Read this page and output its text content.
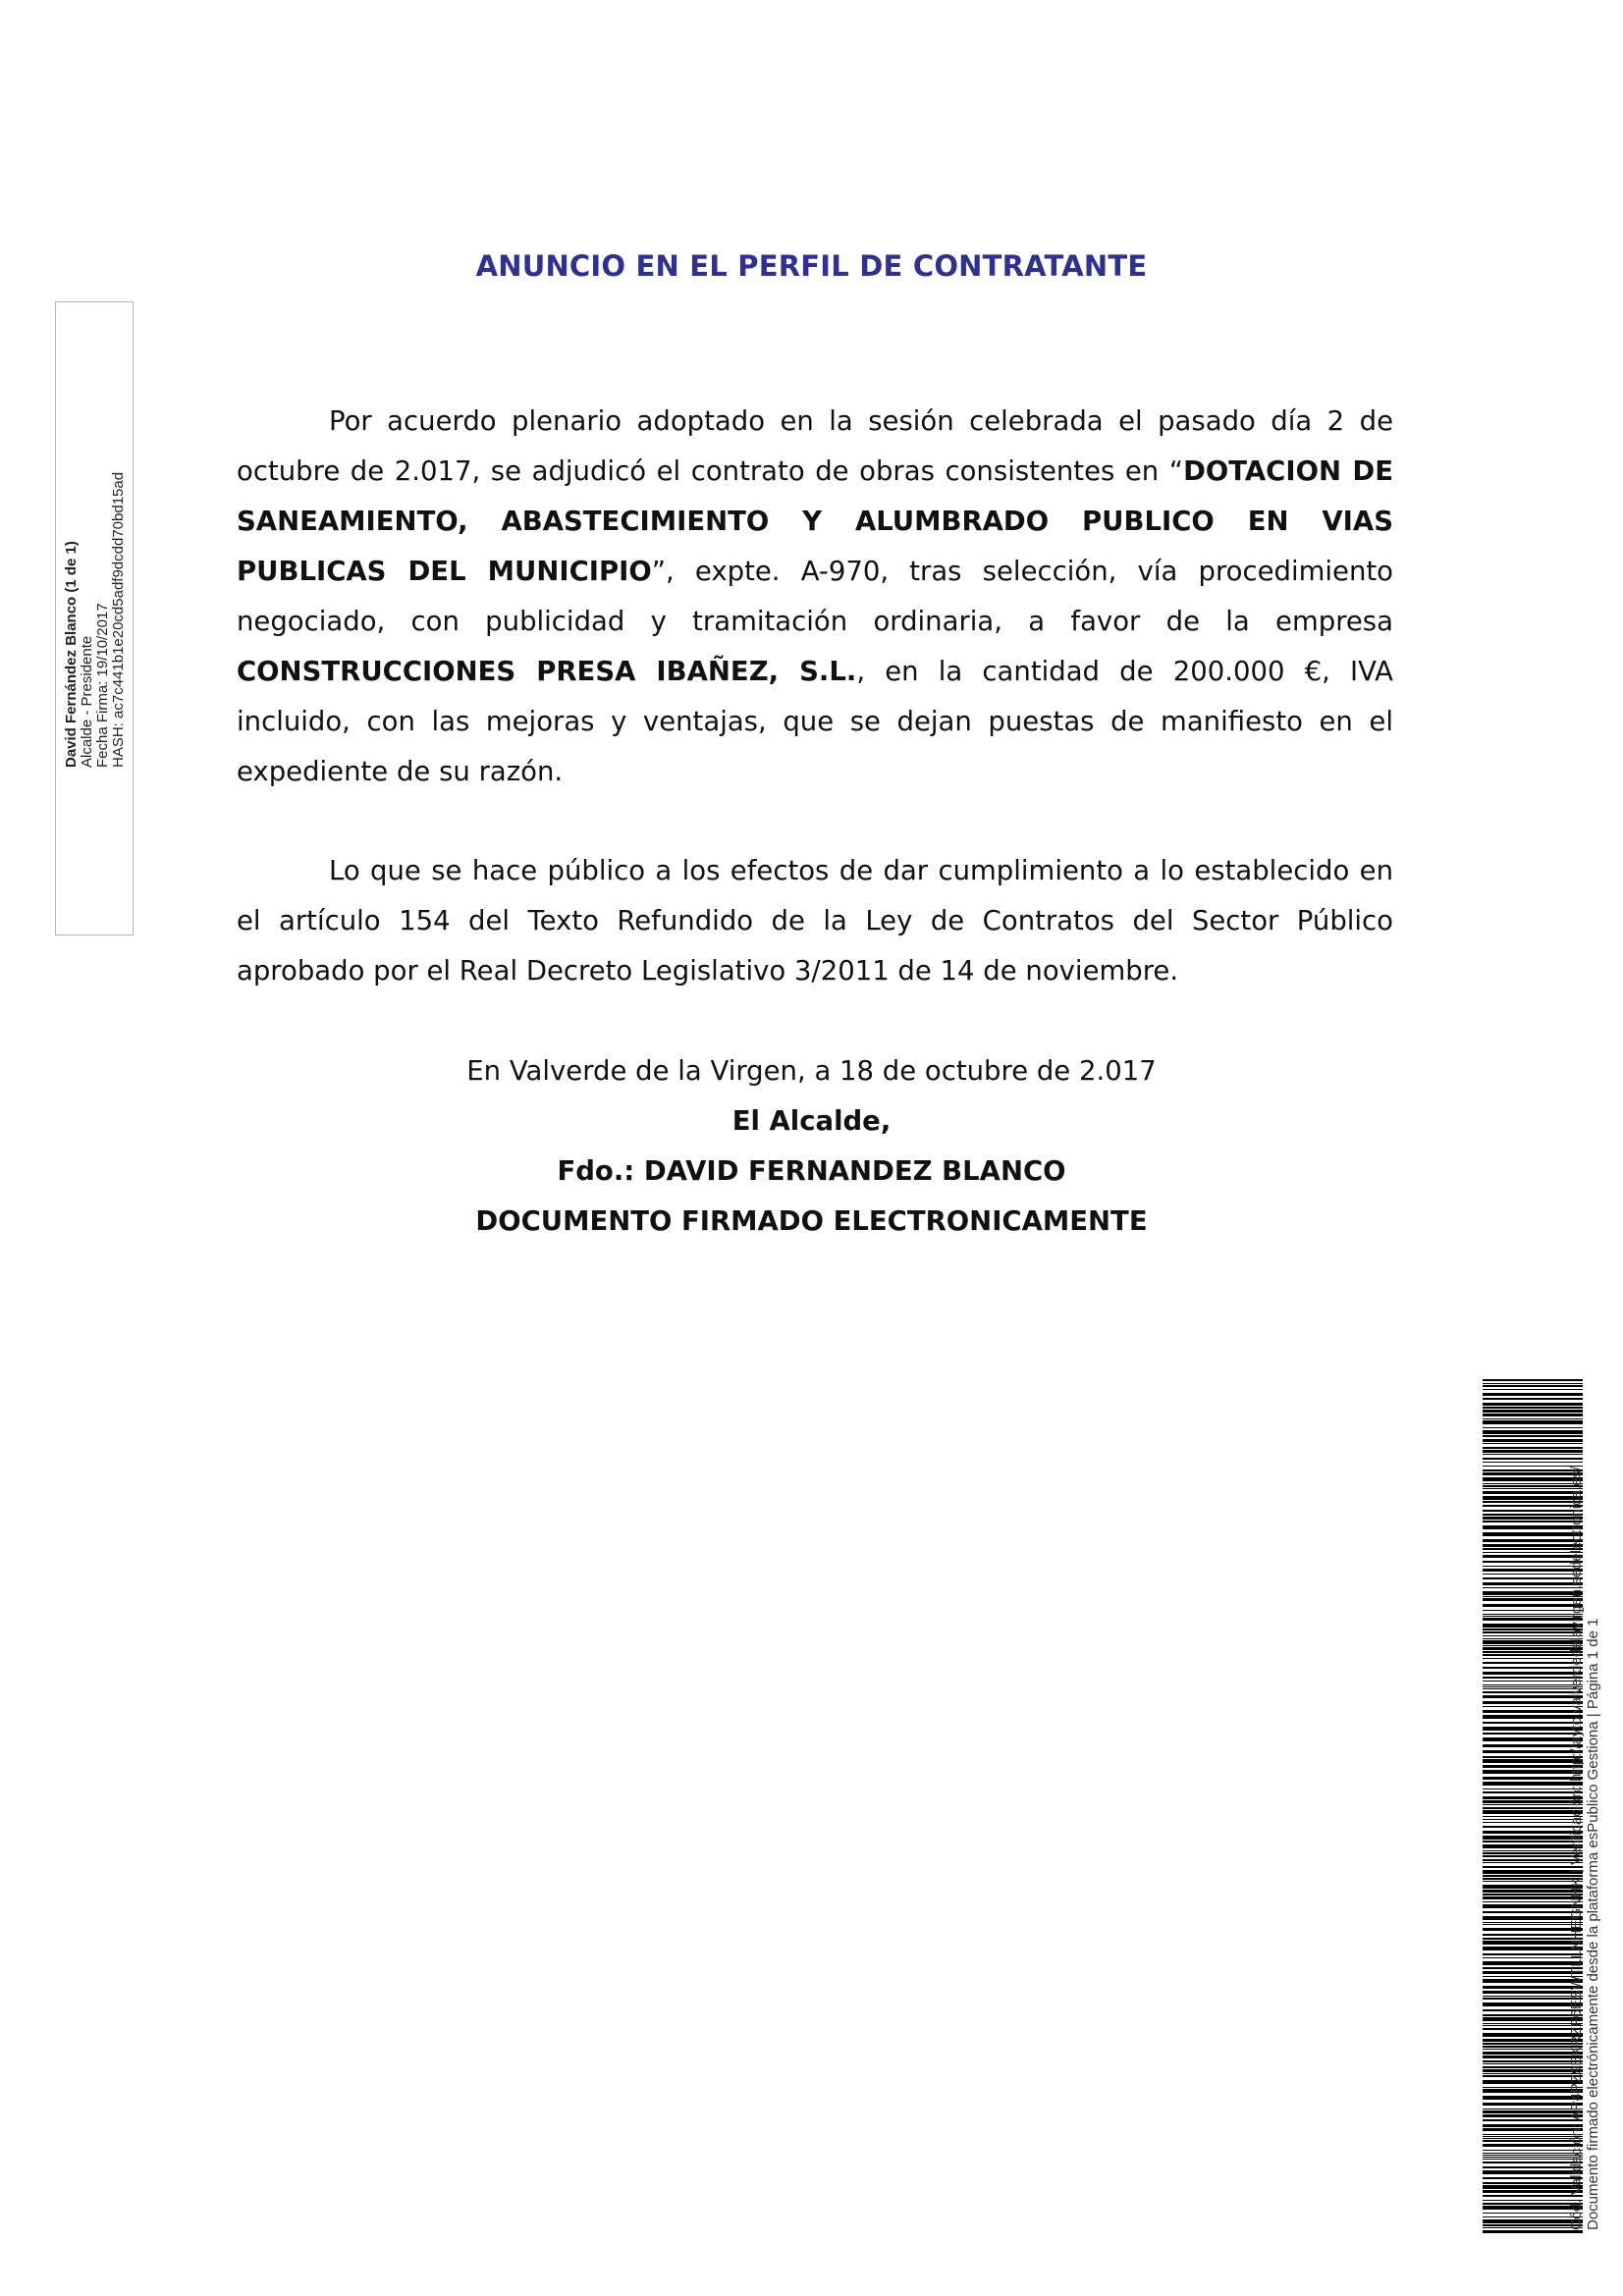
ANUNCIO EN EL PERFIL DE CONTRATANTE
Por acuerdo plenario adoptado en la sesión celebrada el pasado día 2 de octubre de 2.017, se adjudicó el contrato de obras consistentes en “DOTACION DE SANEAMIENTO, ABASTECIMIENTO Y ALUMBRADO PUBLICO EN VIAS PUBLICAS DEL MUNICIPIO”, expte. A-970, tras selección, vía procedimiento negociado, con publicidad y tramitación ordinaria, a favor de la empresa CONSTRUCCIONES PRESA IBAÑEZ, S.L., en la cantidad de 200.000 €, IVA incluido, con las mejoras y ventajas, que se dejan puestas de manifiesto en el expediente de su razón.
Lo que se hace público a los efectos de dar cumplimiento a lo establecido en el artículo 154 del Texto Refundido de la Ley de Contratos del Sector Público aprobado por el Real Decreto Legislativo 3/2011 de 14 de noviembre.
En Valverde de la Virgen, a 18 de octubre de 2.017
El Alcalde,
Fdo.: DAVID FERNANDEZ BLANCO
DOCUMENTO FIRMADO ELECTRONICAMENTE
David Fernández Blanco (1 de 1) Alcalde - Presidente Fecha Firma: 19/10/2017 HASH: ac7c441b1e20cd5adf9dcdd70bd15ad
Cód. Validación: AP4PZ9EKRZF6ESWTLLNHEGNHK | Verificación: http://ayto.valverdedelavirgen.sedelectronica.es/ Documento firmado electrónicamente desde la plataforma esPublico Gestiona | Página 1 de 1
